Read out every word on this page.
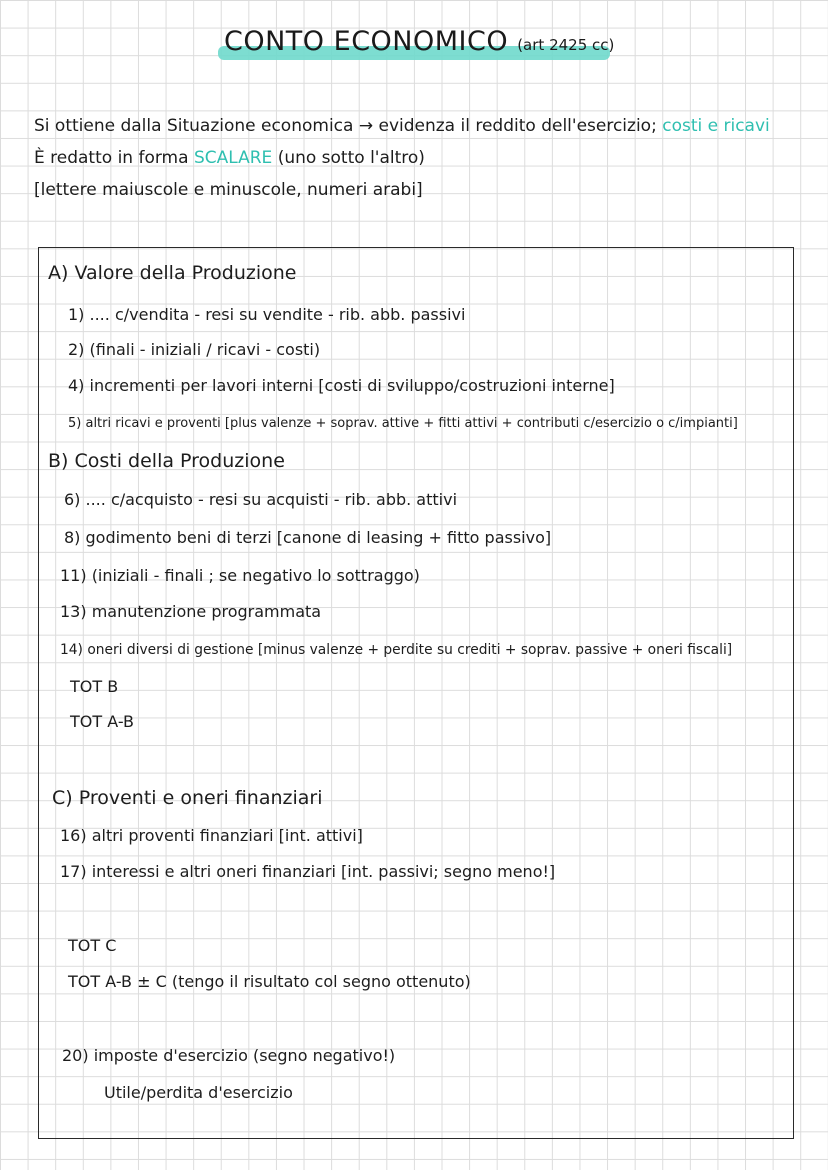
CONTO ECONOMICO (art 2425 cc)
Si ottiene dalla Situazione economica → evidenza il reddito dell'esercizio; costi e ricavi
È redatto in forma SCALARE (uno sotto l'altro)
[lettere maiuscole e minuscole, numeri arabi]
A) Valore della Produzione
1) .... c/vendita - resi su vendite - rib. abb. passivi
2) (finali - iniziali / ricavi - costi)
4) incrementi per lavori interni [costi di sviluppo/costruzioni interne]
5) altri ricavi e proventi [plus valenze + soprav. attive + fitti attivi + contributi c/esercizio o c/impianti]
B) Costi della Produzione
6) .... c/acquisto - resi su acquisti - rib. abb. attivi
8) godimento beni di terzi [canone di leasing + fitto passivo]
11) (iniziali - finali ; se negativo lo sottraggo)
13) manutenzione programmata
14) oneri diversi di gestione [minus valenze + perdite su crediti + soprav. passive + oneri fiscali]
TOT B
TOT A-B
C) Proventi e oneri finanziari
16) altri proventi finanziari [int. attivi]
17) interessi e altri oneri finanziari [int. passivi; segno meno!]
TOT C
TOT A-B ± C (tengo il risultato col segno ottenuto)
20) imposte d'esercizio (segno negativo!)
Utile/perdita d'esercizio
